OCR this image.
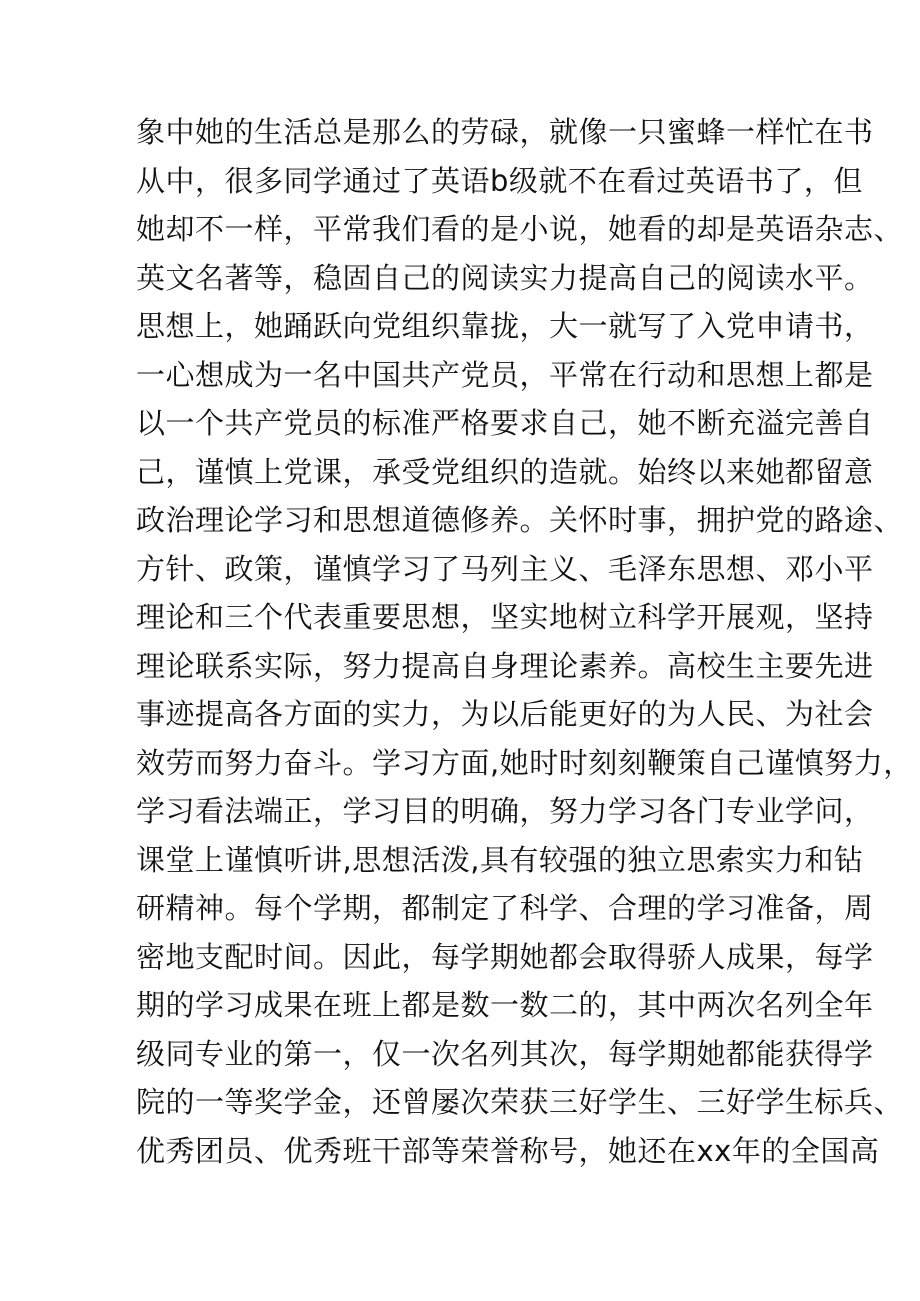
象中她的生活总是那么的劳碌，就像一只蜜蜂一样忙在书
从中，很多同学通过了英语b级就不在看过英语书了，但
她却不一样，平常我们看的是小说，她看的却是英语杂志、
英文名著等，稳固自己的阅读实力提高自己的阅读水平。
思想上，她踊跃向党组织靠拢，大一就写了入党申请书，
一心想成为一名中国共产党员，平常在行动和思想上都是
以一个共产党员的标准严格要求自己，她不断充溢完善自
己，谨慎上党课，承受党组织的造就。始终以来她都留意
政治理论学习和思想道德修养。关怀时事，拥护党的路途、
方针、政策，谨慎学习了马列主义、毛泽东思想、邓小平
理论和三个代表重要思想，坚实地树立科学开展观，坚持
理论联系实际，努力提高自身理论素养。高校生主要先进
事迹提高各方面的实力，为以后能更好的为人民、为社会
效劳而努力奋斗。学习方面,她时时刻刻鞭策自己谨慎努力，
学习看法端正，学习目的明确，努力学习各门专业学问，
课堂上谨慎听讲,思想活泼,具有较强的独立思索实力和钻
研精神。每个学期，都制定了科学、合理的学习准备，周
密地支配时间。因此，每学期她都会取得骄人成果，每学
期的学习成果在班上都是数一数二的，其中两次名列全年
级同专业的第一，仅一次名列其次，每学期她都能获得学
院的一等奖学金，还曾屡次荣获三好学生、三好学生标兵、
优秀团员、优秀班干部等荣誉称号，她还在xx年的全国高
